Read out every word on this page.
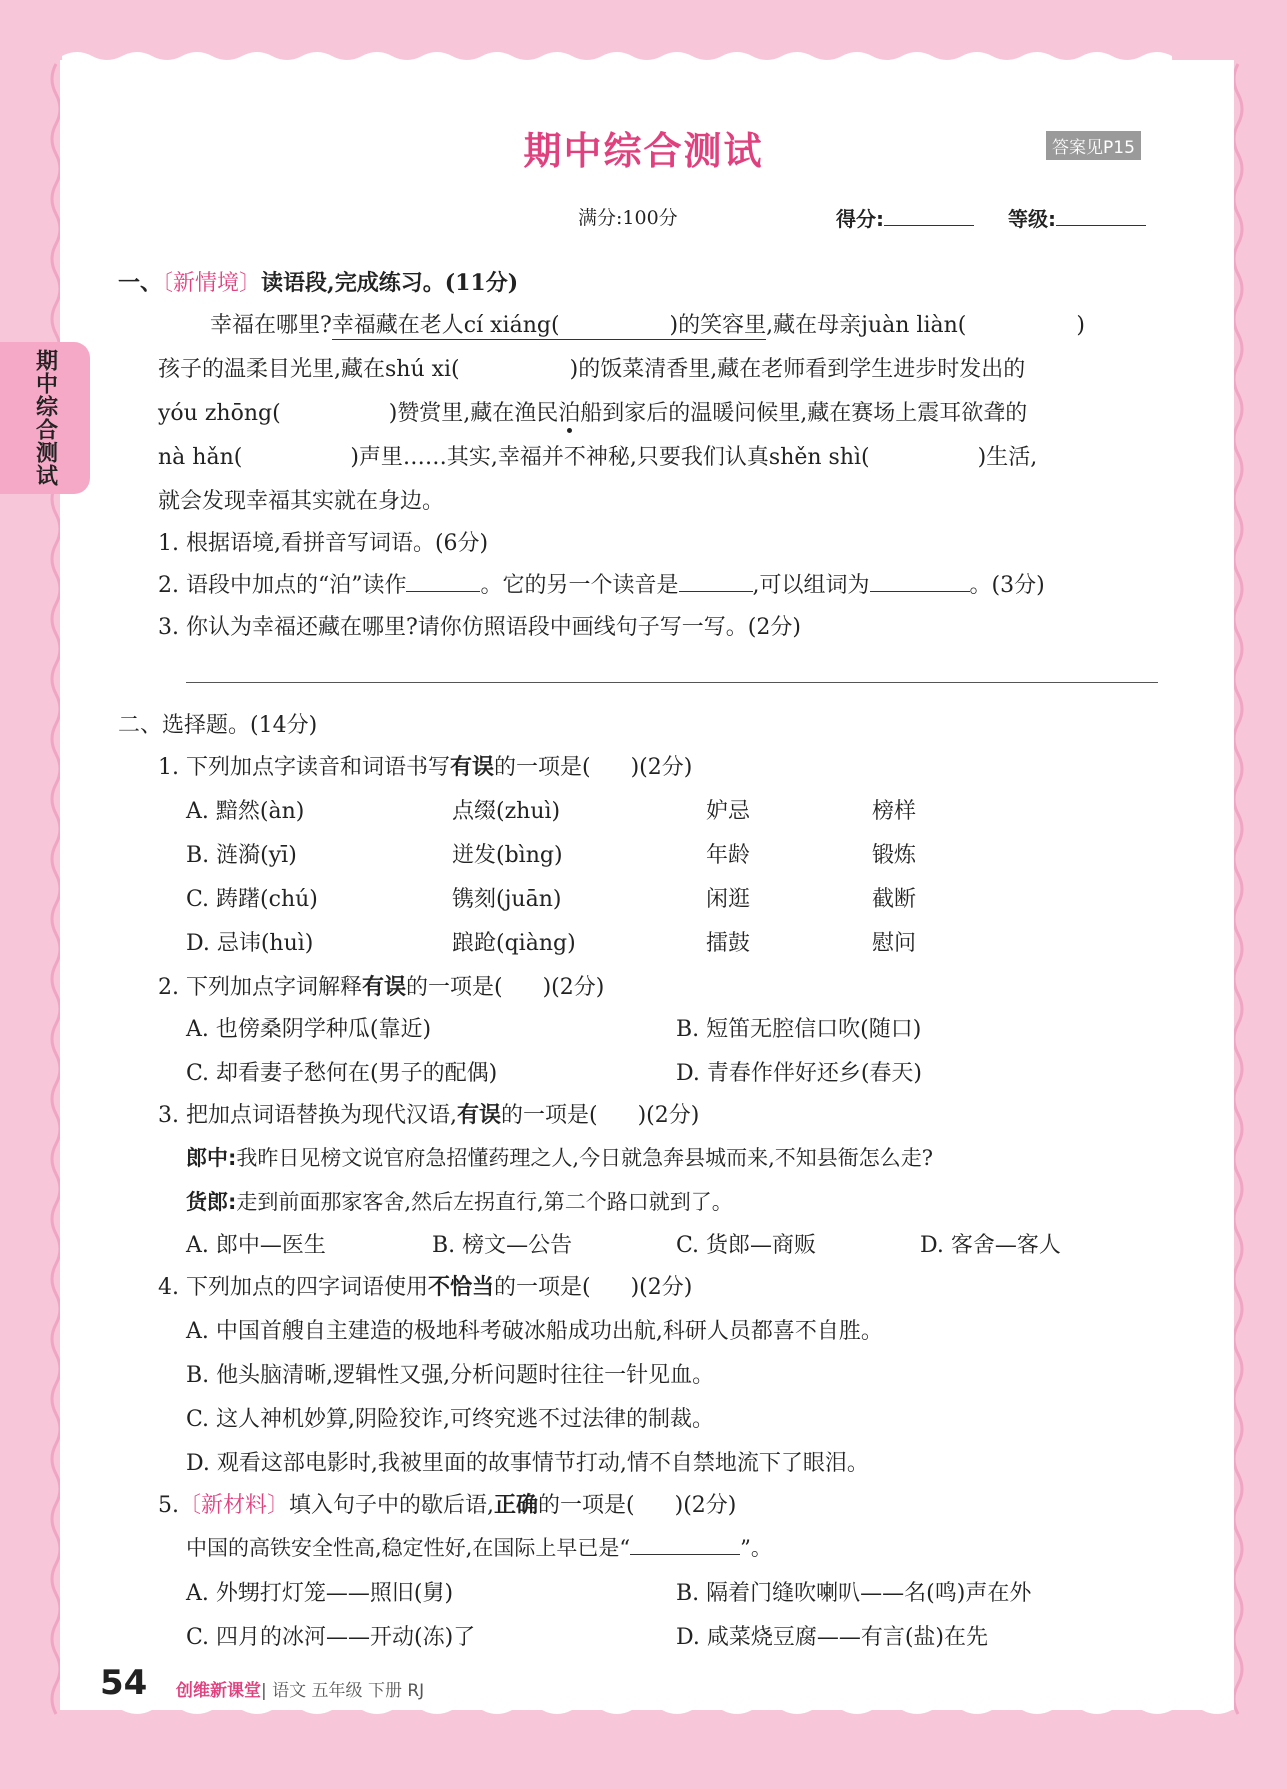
期中综合测试
期中综合测试	答案见P15
满分:100分	得分:	等级:
一、〔新情境〕读语段,完成练习。(11分)
幸福在哪里?幸福藏在老人cí xiáng(	)的笑容里,藏在母亲juàn liàn(	)
孩子的温柔目光里,藏在shú xi(	)的饭菜清香里,藏在老师看到学生进步时发出的
yóu zhōng(	)赞赏里,藏在渔民泊船到家后的温暖问候里,藏在赛场上震耳欲聋的
nà hǎn(	)声里……其实,幸福并不神秘,只要我们认真shěn shì(	)生活,
就会发现幸福其实就在身边。
1. 根据语境,看拼音写词语。(6分)
2. 语段中加点的“泊”读作	。它的另一个读音是	,可以组词为	。(3分)
3. 你认为幸福还藏在哪里?请你仿照语段中画线句子写一写。(2分)
二、选择题。(14分)
1. 下列加点字读音和词语书写有误的一项是( )(2分)
A. 黯然(àn)	点缀(zhuì)	妒忌	榜样
B. 涟漪(yī)	迸发(bìng)	年龄	锻炼
C. 踌躇(chú)	镌刻(juān)	闲逛	截断
D. 忌讳(huì)	踉跄(qiàng)	擂鼓	慰问
2. 下列加点字词解释有误的一项是( )(2分)
A. 也傍桑阴学种瓜(靠近)	B. 短笛无腔信口吹(随口)
C. 却看妻子愁何在(男子的配偶)	D. 青春作伴好还乡(春天)
3. 把加点词语替换为现代汉语,有误的一项是( )(2分)
郎中:我昨日见榜文说官府急招懂药理之人,今日就急奔县城而来,不知县衙怎么走?
货郎:走到前面那家客舍,然后左拐直行,第二个路口就到了。
A. 郎中—医生	B. 榜文—公告	C. 货郎—商贩	D. 客舍—客人
4. 下列加点的四字词语使用不恰当的一项是( )(2分)
A. 中国首艘自主建造的极地科考破冰船成功出航,科研人员都喜不自胜。
B. 他头脑清晰,逻辑性又强,分析问题时往往一针见血。
C. 这人神机妙算,阴险狡诈,可终究逃不过法律的制裁。
D. 观看这部电影时,我被里面的故事情节打动,情不自禁地流下了眼泪。
5.〔新材料〕填入句子中的歇后语,正确的一项是( )(2分)
中国的高铁安全性高,稳定性好,在国际上早已是“	”。
A. 外甥打灯笼——照旧(舅)	B. 隔着门缝吹喇叭——名(鸣)声在外
C. 四月的冰河——开动(冻)了	D. 咸菜烧豆腐——有言(盐)在先
54 创维新课堂| 语文 五年级 下册 RJ
